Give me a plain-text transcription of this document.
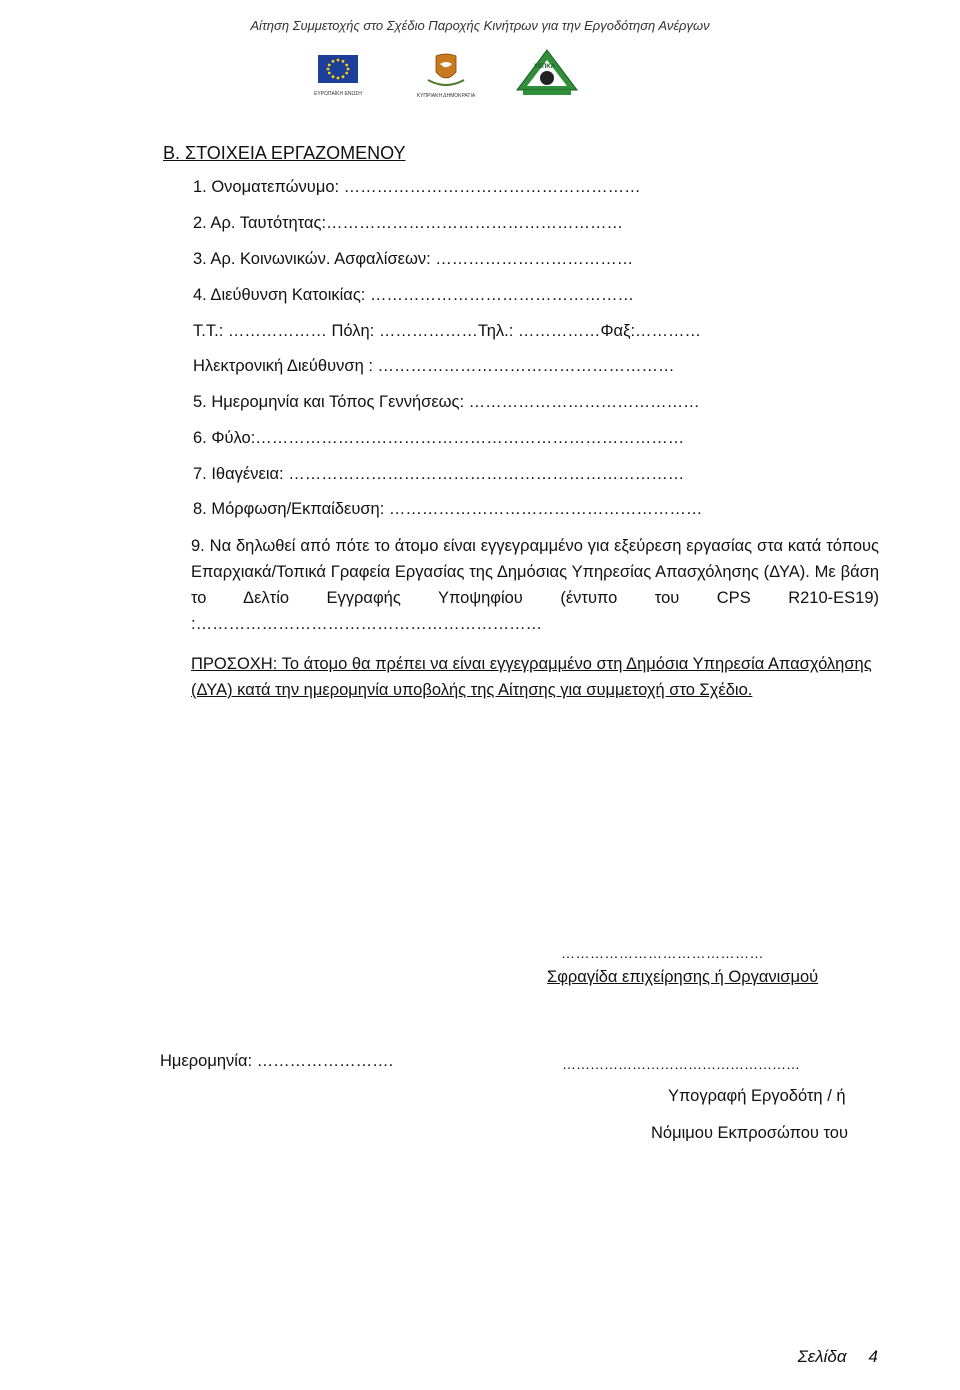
Αίτηση Συμμετοχής στο Σχέδιο Παροχής Κινήτρων για την Εργοδότηση Ανέργων
ΕΥΡΩΠΑΪΚΗ ΕΝΩΣΗ	ΚΥΠΡΙΑΚΗ ΔΗΜΟΚΡΑΤΙΑ
ΥΕΠΚΑ
Β. ΣΤΟΙΧΕΙΑ ΕΡΓΑΖΟΜΕΝΟΥ
1. Ονοματεπώνυμο: ………………………………………………
2. Αρ. Ταυτότητας:………………………………………………
3. Αρ. Κοινωνικών. Ασφαλίσεων: ………………………………
4. Διεύθυνση Κατοικίας: …………………………………………
Τ.Τ.: ……………… Πόλη: ………………Τηλ.: ……………Φαξ:…………
Ηλεκτρονική Διεύθυνση : ………………………………………………
5. Ημερομηνία και Τόπος Γεννήσεως: ……………………………………
6. Φύλο:……………………………………………………………………
7. Ιθαγένεια: ………………………………………………………………
8. Μόρφωση/Εκπαίδευση: …………………………………………………
9. Να δηλωθεί από πότε το άτομο είναι εγγεγραμμένο για εξεύρεση εργασίας στα κατά τόπους Επαρχιακά/Τοπικά Γραφεία Εργασίας της Δημόσιας Υπηρεσίας Απασχόλησης (ΔΥΑ). Με βάση το Δελτίο Εγγραφής Υποψηφίου (έντυπο του CPS R210-ES19) :………………………………………………………
ΠΡΟΣΟΧΗ: Το άτομο θα πρέπει να είναι εγγεγραμμένο στη Δημόσια Υπηρεσία Απασχόλησης (ΔΥΑ) κατά την ημερομηνία υποβολής της Αίτησης για συμμετοχή στο Σχέδιο.
……………………………………
Σφραγίδα επιχείρησης ή Οργανισμού
Ημερομηνία: …………………….	……………………………………………
Υπογραφή Εργοδότη / ή
Νόμιμου Εκπροσώπου του
Σελίδα 4
